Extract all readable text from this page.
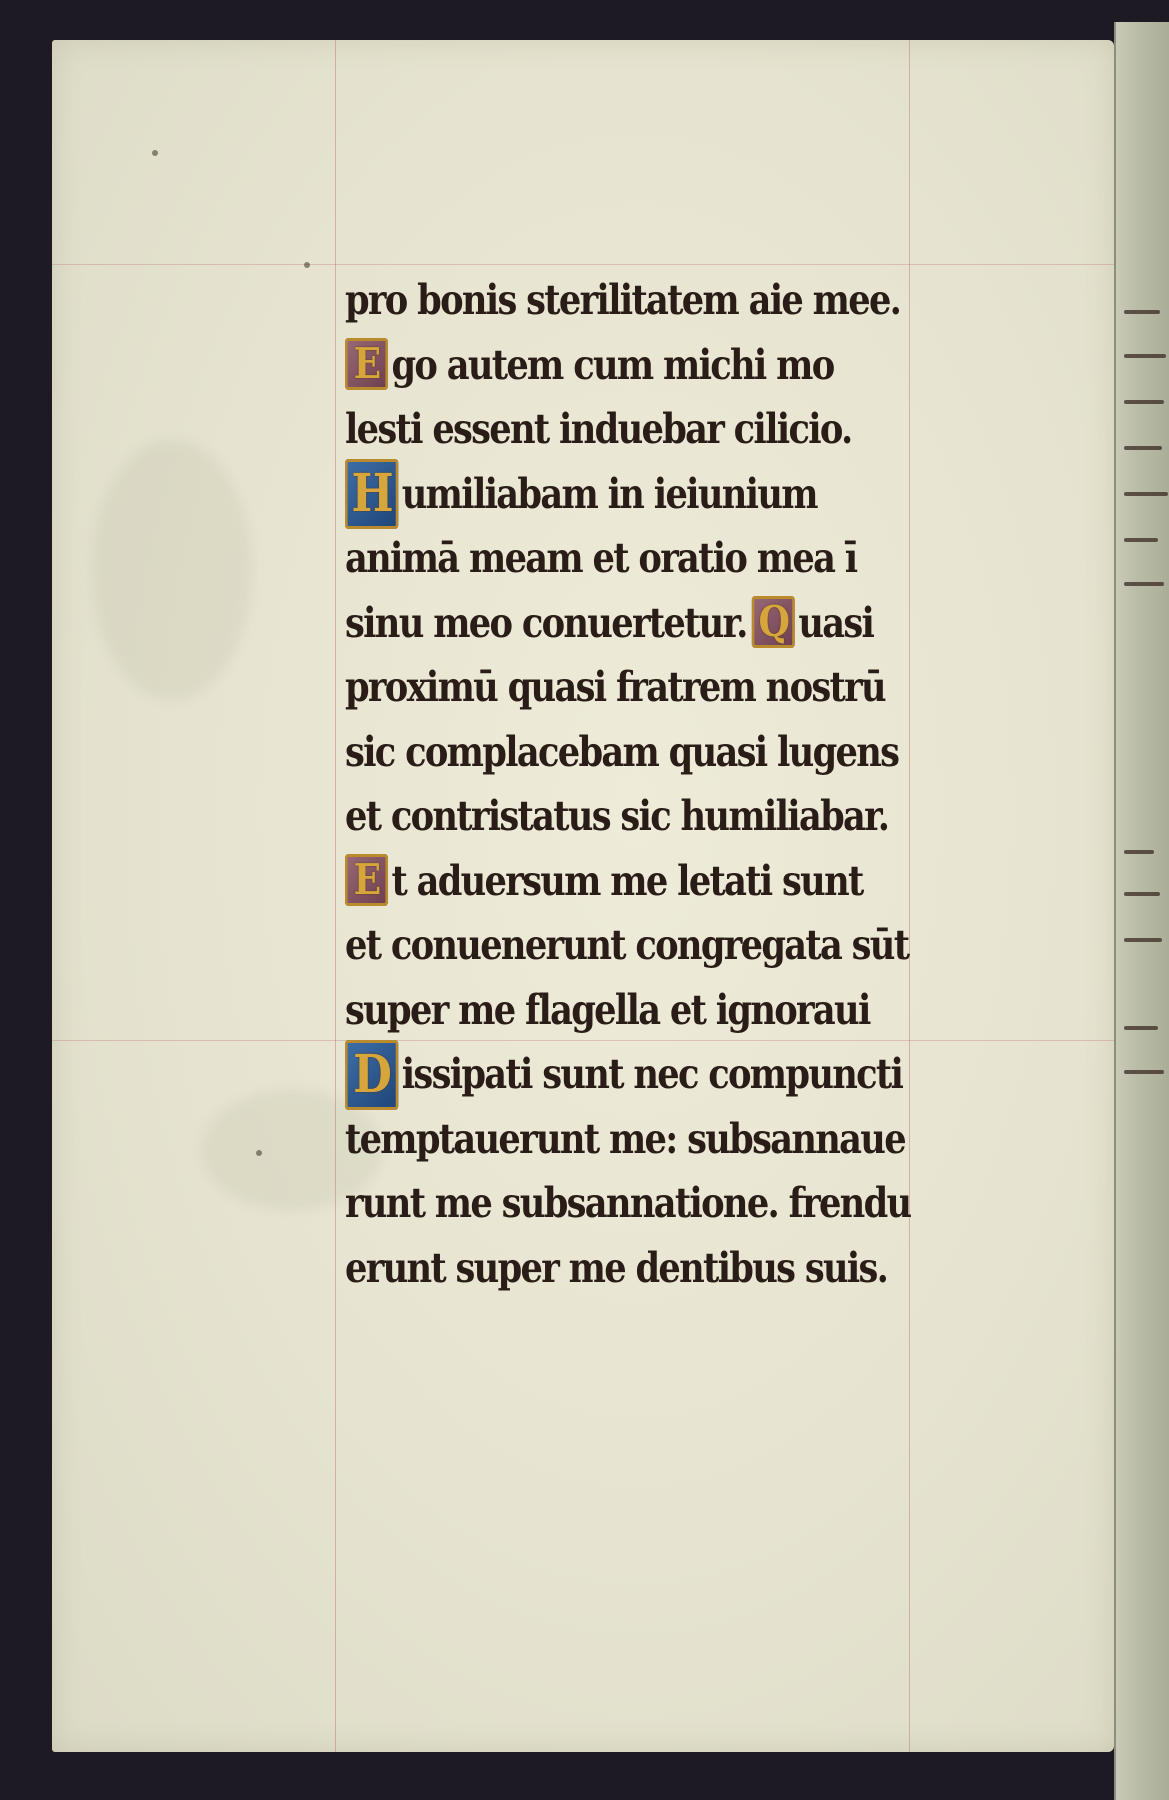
pro bonis sterilitatem aie mee.
E go autem cum michi mo
lesti essent induebar cilicio.
H umiliabam in ieiunium
animā meam et oratio mea ī
sinu meo conuertetur. Q uasi
proximū quasi fratrem nostrū
sic complacebam quasi lugens
et contristatus sic humiliabar.
E t aduersum me letati sunt
et conuenerunt congregata sūt
super me flagella et ignoraui
D issipati sunt nec compuncti
temptauerunt me: subsannaue
runt me subsannatione. frendu
erunt super me dentibus suis.
